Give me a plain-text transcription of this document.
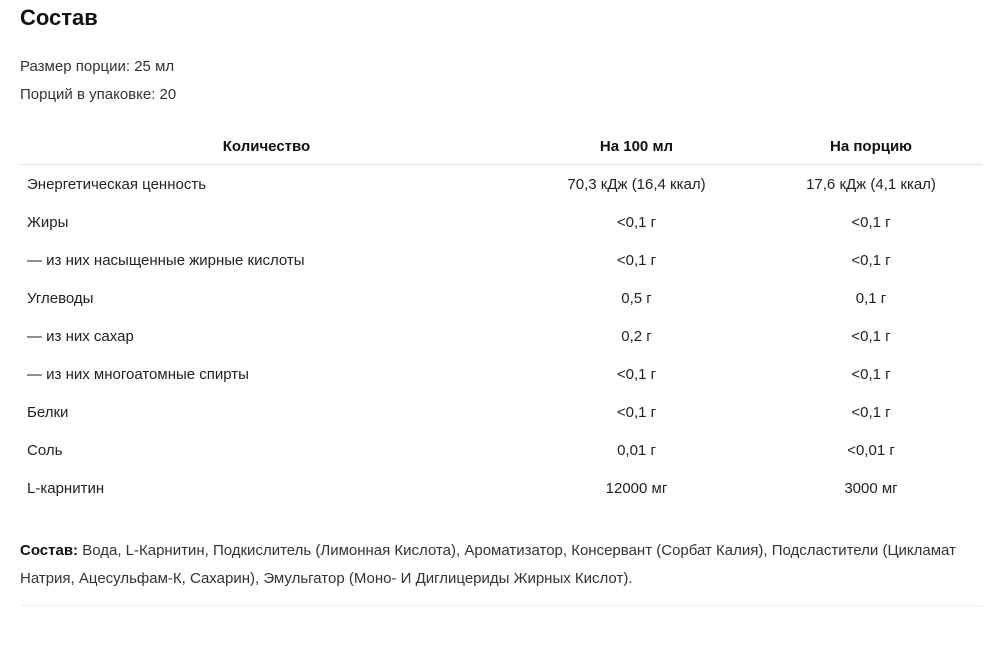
Состав
Размер порции: 25 мл
Порций в упаковке: 20
Количество	На 100 мл	На порцию
Энергетическая ценность	70,3 кДж (16,4 ккал)	17,6 кДж (4,1 ккал)
Жиры	<0,1 г	<0,1 г
— из них насыщенные жирные кислоты	<0,1 г	<0,1 г
Углеводы	0,5 г	0,1 г
— из них сахар	0,2 г	<0,1 г
— из них многоатомные спирты	<0,1 г	<0,1 г
Белки	<0,1 г	<0,1 г
Соль	0,01 г	<0,01 г
L-карнитин	12000 мг	3000 мг
Состав: Вода, L-Карнитин, Подкислитель (Лимонная Кислота), Ароматизатор, Консервант (Сорбат Калия), Подсластители (Цикламат Натрия, Ацесульфам-К, Сахарин), Эмульгатор (Моно- И Диглицериды Жирных Кислот).
